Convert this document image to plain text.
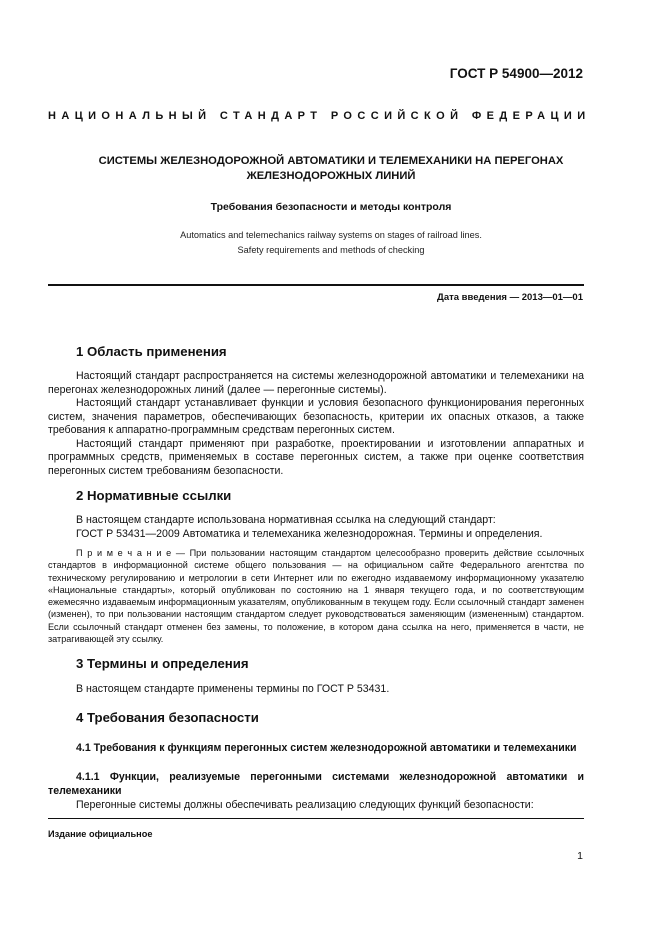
ГОСТ Р 54900—2012
НАЦИОНАЛЬНЫЙ СТАНДАРТ РОССИЙСКОЙ ФЕДЕРАЦИИ
СИСТЕМЫ ЖЕЛЕЗНОДОРОЖНОЙ АВТОМАТИКИ И ТЕЛЕМЕХАНИКИ НА ПЕРЕГОНАХ
ЖЕЛЕЗНОДОРОЖНЫХ ЛИНИЙ
Требования безопасности и методы контроля
Automatics and telemechanics railway systems on stages of railroad lines.
Safety requirements and methods of checking
Дата введения — 2013—01—01
1 Область применения
Настоящий стандарт распространяется на системы железнодорожной автоматики и телемеханики на перегонах железнодорожных линий (далее — перегонные системы).
Настоящий стандарт устанавливает функции и условия безопасного функционирования перегонных систем, значения параметров, обеспечивающих безопасность, критерии их опасных отказов, а также требования к аппаратно-программным средствам перегонных систем.
Настоящий стандарт применяют при разработке, проектировании и изготовлении аппаратных и программных средств, применяемых в составе перегонных систем, а также при оценке соответствия перегонных систем требованиям безопасности.
2 Нормативные ссылки
В настоящем стандарте использована нормативная ссылка на следующий стандарт:
ГОСТ Р 53431—2009 Автоматика и телемеханика железнодорожная. Термины и определения.
П р и м е ч а н и е — При пользовании настоящим стандартом целесообразно проверить действие ссылочных стандартов в информационной системе общего пользования — на официальном сайте Федерального агентства по техническому регулированию и метрологии в сети Интернет или по ежегодно издаваемому информационному указателю «Национальные стандарты», который опубликован по состоянию на 1 января текущего года, и по соответствующим ежемесячно издаваемым информационным указателям, опубликованным в текущем году. Если ссылочный стандарт заменен (изменен), то при пользовании настоящим стандартом следует руководствоваться заменяющим (измененным) стандартом. Если ссылочный стандарт отменен без замены, то положение, в котором дана ссылка на него, применяется в части, не затрагивающей эту ссылку.
3 Термины и определения
В настоящем стандарте применены термины по ГОСТ Р 53431.
4 Требования безопасности
4.1 Требования к функциям перегонных систем железнодорожной автоматики и телемеханики
4.1.1 Функции, реализуемые перегонными системами железнодорожной автоматики и телемеханики
Перегонные системы должны обеспечивать реализацию следующих функций безопасности:
Издание официальное
1
